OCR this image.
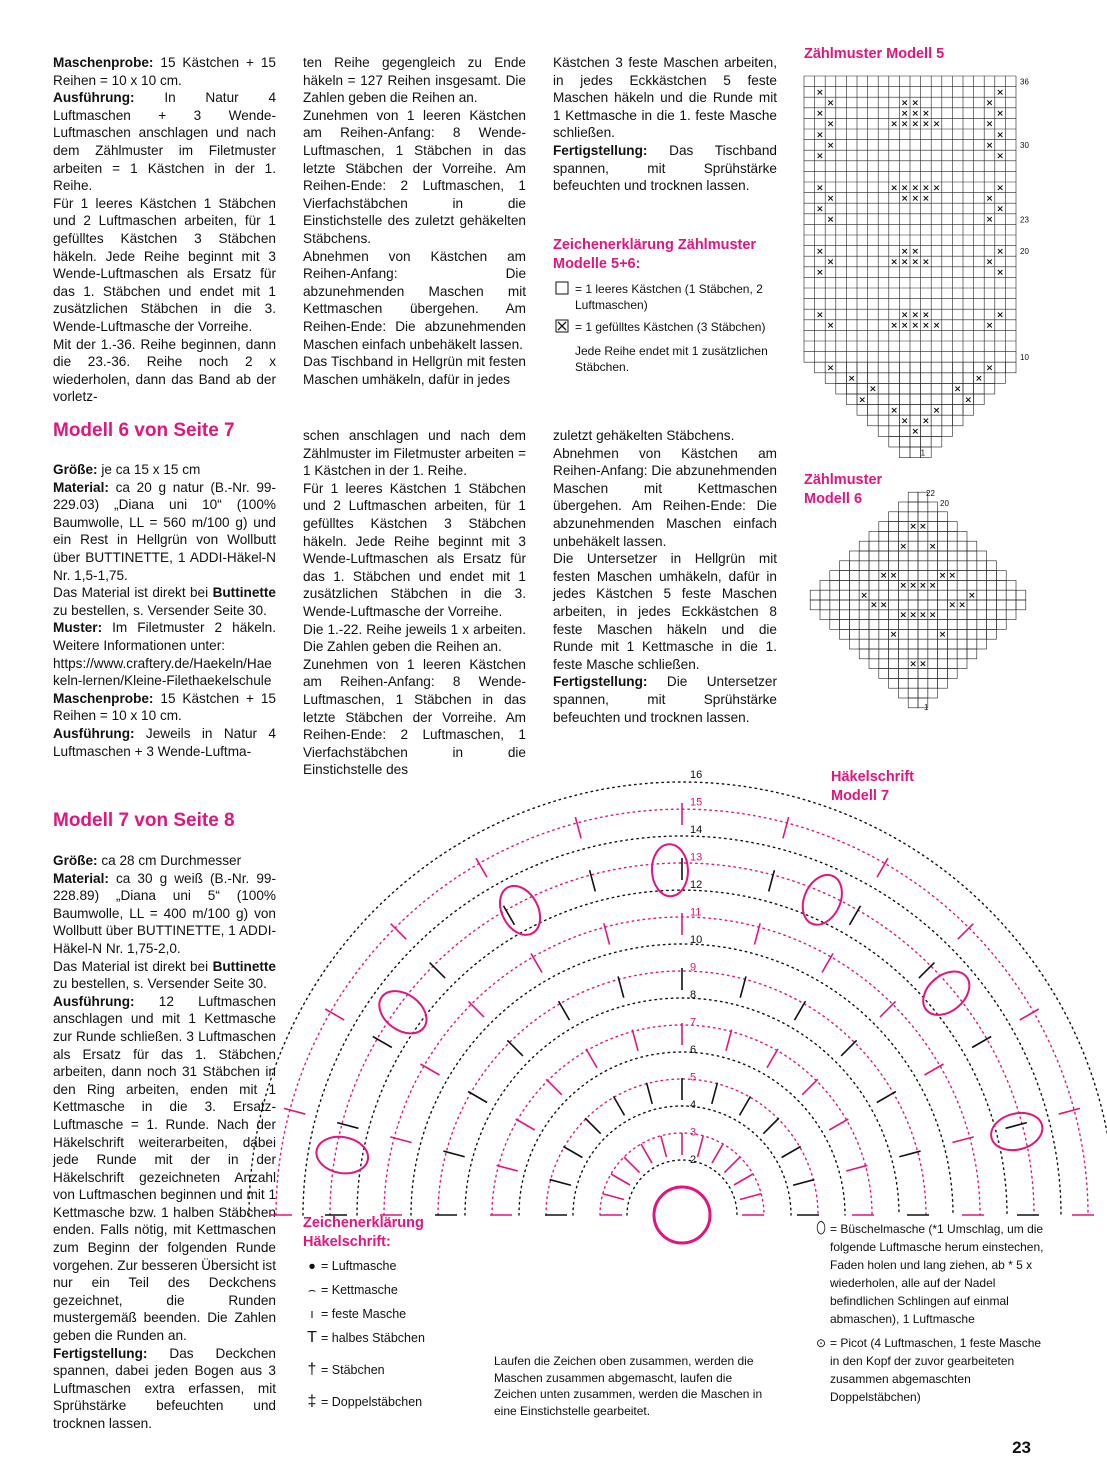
Maschenprobe: 15 Kästchen + 15 Reihen = 10 x 10 cm.

Ausführung: In Natur 4 Luftmaschen + 3 Wende-Luftmaschen anschlagen und nach dem Zählmuster im Filetmuster arbeiten = 1 Kästchen in der 1. Reihe.

Für 1 leeres Kästchen 1 Stäbchen und 2 Luftmaschen arbeiten, für 1 gefülltes Kästchen 3 Stäbchen häkeln. Jede Reihe beginnt mit 3 Wende-Luftmaschen als Ersatz für das 1. Stäbchen und endet mit 1 zusätzlichen Stäbchen in die 3. Wende-Luftmasche der Vorreihe.

Mit der 1.-36. Reihe beginnen, dann die 23.-36. Reihe noch 2 x wiederholen, dann das Band ab der vorletz-

ten Reihe gegengleich zu Ende häkeln = 127 Reihen insgesamt. Die Zahlen geben die Reihen an.

Zunehmen von 1 leeren Kästchen am Reihen-Anfang: 8 Wende-Luftmaschen, 1 Stäbchen in das letzte Stäbchen der Vorreihe. Am Reihen-Ende: 2 Luftmaschen, 1 Vierfachstäbchen in die Einstichstelle des zuletzt gehäkelten Stäbchens.

Abnehmen von Kästchen am Reihen-Anfang: Die abzunehmenden Maschen mit Kettmaschen übergehen. Am Reihen-Ende: Die abzunehmenden Maschen einfach unbehäkelt lassen.

Das Tischband in Hellgrün mit festen Maschen umhäkeln, dafür in jedes

Kästchen 3 feste Maschen arbeiten, in jedes Eckkästchen 5 feste Maschen häkeln und die Runde mit 1 Kettmasche in die 1. feste Masche schließen.

Fertigstellung: Das Tischband spannen, mit Sprühstärke befeuchten und trocknen lassen.

Zeichenerklärung Zählmuster Modelle 5+6:
= 1 leeres Kästchen (1 Stäbchen, 2 Luftmaschen)
= 1 gefülltes Kästchen (3 Stäbchen)
Jede Reihe endet mit 1 zusätzlichen Stäbchen.
Zählmuster Modell 5
×
×
×
×
×
×
×
×
×
×
×
×
×
×
× ×
× × ×
× × × × ×
× × × × ×
× × ×
×
×
×
×
×
×
×
×
× ×
× × × ×
×
×
×
×
×
×
× × ×
× × × × ×
×
×
×
×
×
×
×
×
×
×
×
×
×
×	×
× ×
36
30
23
20
10
1
Zählmuster Modell 6
× ×
× ×
× ×	× ×
× × × ×
× ×	× ×
× × × ×
×	×
× ×
×	×
22
20
1
Modell 6 von Seite 7

Größe: je ca 15 x 15 cm

Material: ca 20 g natur (B.-Nr. 99-229.03) „Diana uni 10“ (100% Baumwolle, LL = 560 m/100 g) und ein Rest in Hellgrün von Wollbutt über BUTTINETTE, 1 ADDI-Häkel-N Nr. 1,5-1,75.

Das Material ist direkt bei Buttinette zu bestellen, s. Versender Seite 30.

Muster: Im Filetmuster 2 häkeln. Weitere Informationen unter:

https://www.craftery.de/Haekeln/Haekeln-lernen/Kleine-Filethaekelschule

Maschenprobe: 15 Kästchen + 15 Reihen = 10 x 10 cm.

Ausführung: Jeweils in Natur 4 Luftmaschen + 3 Wende-Luftma-

schen anschlagen und nach dem Zählmuster im Filetmuster arbeiten = 1 Kästchen in der 1. Reihe.

Für 1 leeres Kästchen 1 Stäbchen und 2 Luftmaschen arbeiten, für 1 gefülltes Kästchen 3 Stäbchen häkeln. Jede Reihe beginnt mit 3 Wende-Luftmaschen als Ersatz für das 1. Stäbchen und endet mit 1 zusätzlichen Stäbchen in die 3. Wende-Luftmasche der Vorreihe.

Die 1.-22. Reihe jeweils 1 x arbeiten. Die Zahlen geben die Reihen an.

Zunehmen von 1 leeren Kästchen am Reihen-Anfang: 8 Wende-Luftmaschen, 1 Stäbchen in das letzte Stäbchen der Vorreihe. Am Reihen-Ende: 2 Luftmaschen, 1 Vierfachstäbchen in die Einstichstelle des

zuletzt gehäkelten Stäbchens.

Abnehmen von Kästchen am Reihen-Anfang: Die abzunehmenden Maschen mit Kettmaschen übergehen. Am Reihen-Ende: Die abzunehmenden Maschen einfach unbehäkelt lassen.

Die Untersetzer in Hellgrün mit festen Maschen umhäkeln, dafür in jedes Kästchen 5 feste Maschen arbeiten, in jedes Eckkästchen 8 feste Maschen häkeln und die Runde mit 1 Kettmasche in die 1. feste Masche schließen.

Fertigstellung: Die Untersetzer spannen, mit Sprühstärke befeuchten und trocknen lassen.

Modell 7 von Seite 8

Größe: ca 28 cm Durchmesser

Material: ca 30 g weiß (B.-Nr. 99-228.89) „Diana uni 5“ (100% Baumwolle, LL = 400 m/100 g) von Wollbutt über BUTTINETTE, 1 ADDI-Häkel-N Nr. 1,75-2,0.

Das Material ist direkt bei Buttinette zu bestellen, s. Versender Seite 30.

Ausführung: 12 Luftmaschen anschlagen und mit 1 Kettmasche zur Runde schließen. 3 Luftmaschen als Ersatz für das 1. Stäbchen arbeiten, dann noch 31 Stäbchen in den Ring arbeiten, enden mit 1 Kettmasche in die 3. Ersatz-Luftmasche = 1. Runde. Nach der Häkelschrift weiterarbeiten, dabei jede Runde mit der in der Häkelschrift gezeichneten Anzahl von Luftmaschen beginnen und mit 1 Kettmasche bzw. 1 halben Stäbchen enden. Falls nötig, mit Kettmaschen zum Beginn der folgenden Runde vorgehen. Zur besseren Übersicht ist nur ein Teil des Deckchens gezeichnet, die Runden mustergemäß beenden. Die Zahlen geben die Runden an.

Fertigstellung: Das Deckchen spannen, dabei jeden Bogen aus 3 Luftmaschen extra erfassen, mit Sprühstärke befeuchten und trocknen lassen.

Häkelschrift Modell 7
16
15
14
13
12
11
10
9
8
7
6
5
4
3
2
Zeichenerklärung Häkelschrift:
● = Luftmasche
⌢ = Kettmasche
ı = feste Masche
T = halbes Stäbchen
† = Stäbchen
‡ = Doppelstäbchen
Laufen die Zeichen oben zusammen, werden die Maschen zusammen abgemascht, laufen die Zeichen unten zusammen, werden die Maschen in eine Einstichstelle gearbeitet.
⬯ = Büschelmasche (*1 Umschlag, um die folgende Luftmasche herum einstechen, Faden holen und lang ziehen, ab * 5 x wiederholen, alle auf der Nadel befindlichen Schlingen auf einmal abmaschen), 1 Luftmasche
⊙ = Picot (4 Luftmaschen, 1 feste Masche in den Kopf der zuvor gearbeiteten zusammen abgemaschten Doppelstäbchen)
23
